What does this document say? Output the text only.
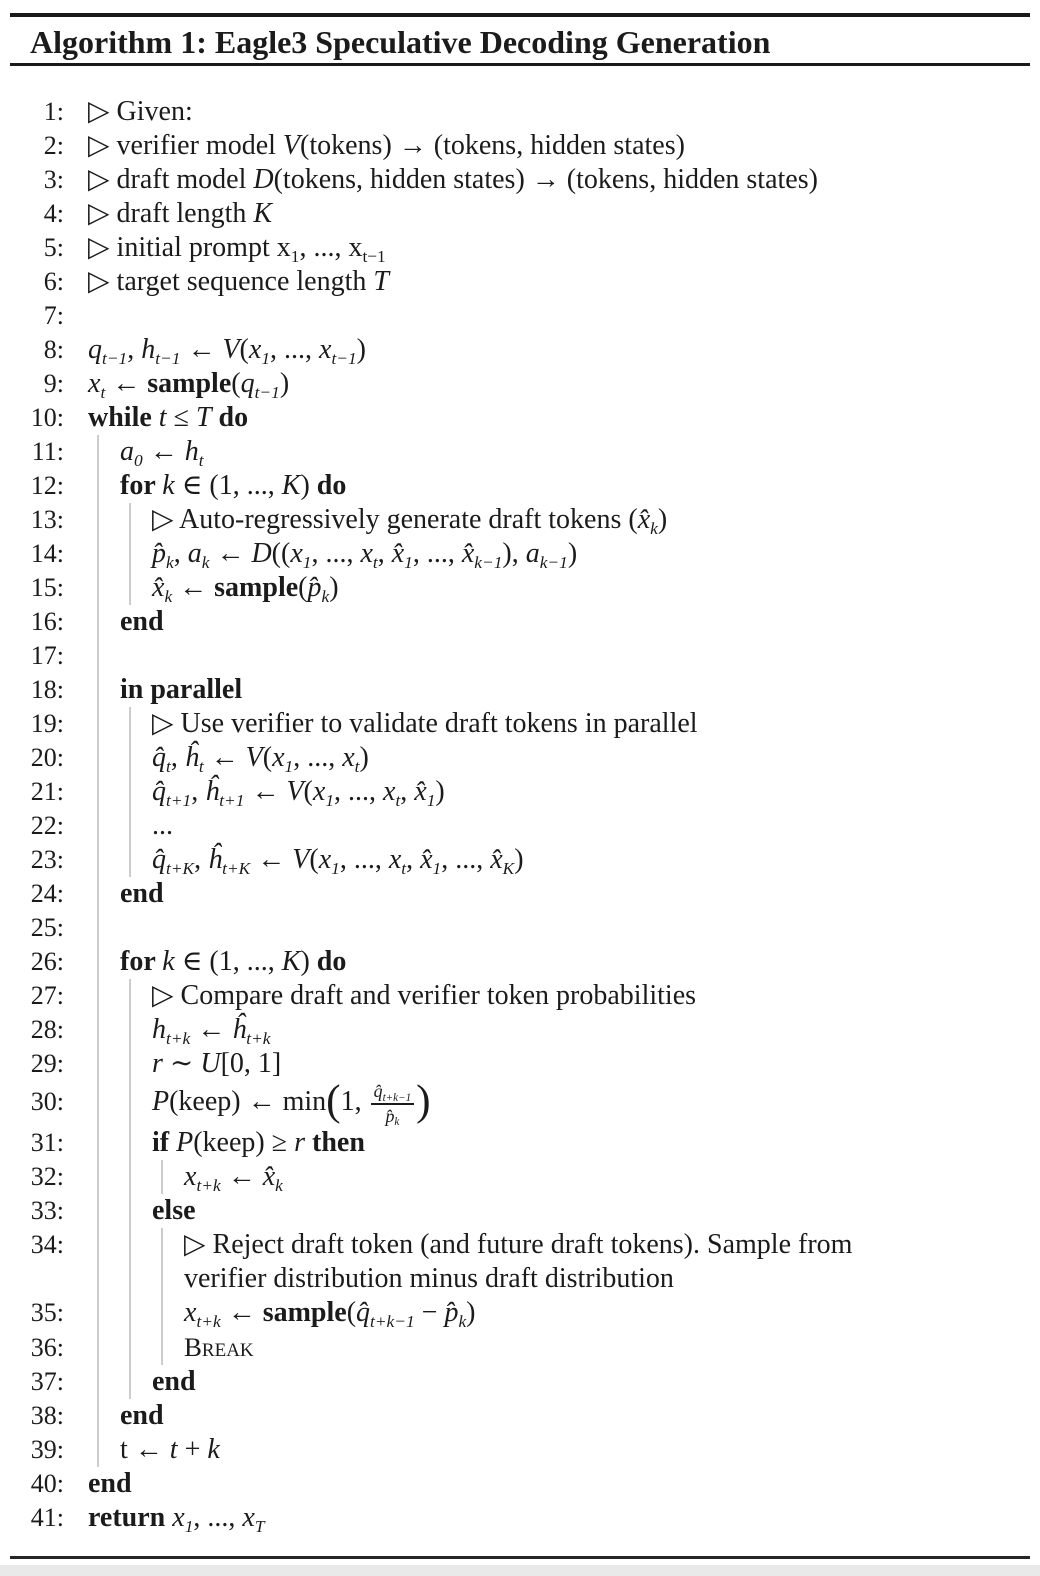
Algorithm 1: Eagle3 Speculative Decoding Generation
1: ▷ Given:
2: ▷ verifier model V(tokens) → (tokens, hidden states)
3: ▷ draft model D(tokens, hidden states) → (tokens, hidden states)
4: ▷ draft length K
5: ▷ initial prompt $x_1$, ..., $x_{t-1}$
6: ▷ target sequence length T
7:
8: $q_{t-1}$, $h_{t-1}$ ← $V(x_1$, ..., $x_{t-1}$)
9: $x_t$ ← $sample(q_{t-1})$
10: while t ≤ T do
11:	$a_0$ ← $h_t$
12:	for k ∈ (1, ..., K) do
13:	▷ Auto-regressively generate draft tokens $(x̂_k)$
14:	$p̂_k$, $a_k$ ← $D((x_1$, ..., $x_t$, $x̂_1$, ..., $x̂_{k-1}$), $a_{k-1}$)
15:	$x̂_k$ ← $sample(p̂_k)$
16:	end
17:
18:	in parallel
19:	▷ Use verifier to validate draft tokens in parallel
20:	$q̂_t$, $ĥ_t$ ← $V(x_1$, ..., $x_t$)
21:	$q̂_{t+1}$, $ĥ_{t+1}$ ← $V(x_1$, ..., $x_t$, $x̂_1$)
22:	...
23:	$q̂_{t+K}$, $ĥ_{t+K}$ ← $V(x_1$, ..., $x_t$, $x̂_1$, ..., $x̂_K$)
24:	end
25:
26:	for k ∈ (1, ..., K) do
27:	▷ Compare draft and verifier token probabilities
28:	$h_{t+k}$ ← $ĥ_{t+k}$
29:	r ∼ U[0, 1]
30:	P(keep) ← min(1, $\frac{q̂_{t+k-1}}{p̂_k}$ )
31:	if P(keep) ≥ r then
32:	$x_{t+k}$ ← $x̂_k$
33:	else
34:	▷ Reject draft token (and future draft tokens). Sample from
verifier distribution minus draft distribution
35:	$x_{t+k}$ ← $sample(q̂_{t+k-1}$ − $p̂_k$)
36:	Break
37:	end
38:	end
39:	t ← t + k
40: end
41: return $x_1$, ..., $x_T$
